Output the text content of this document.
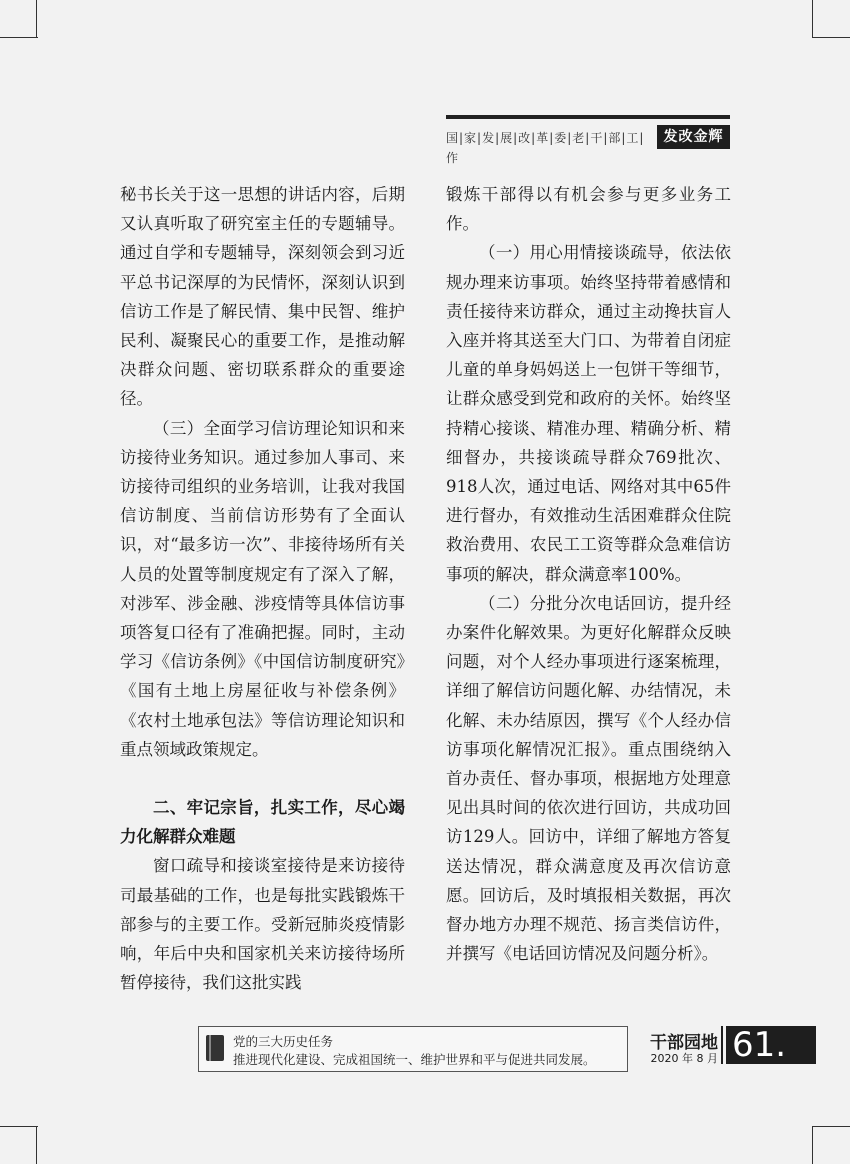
国|家|发|展|改|革|委|老|干|部|工|作
发改金辉

秘书长关于这一思想的讲话内容，后期又认真听取了研究室主任的专题辅导。通过自学和专题辅导，深刻领会到习近平总书记深厚的为民情怀，深刻认识到信访工作是了解民情、集中民智、维护民利、凝聚民心的重要工作，是推动解决群众问题、密切联系群众的重要途径。

（三）全面学习信访理论知识和来访接待业务知识。通过参加人事司、来访接待司组织的业务培训，让我对我国信访制度、当前信访形势有了全面认识，对“最多访一次”、非接待场所有关人员的处置等制度规定有了深入了解，对涉军、涉金融、涉疫情等具体信访事项答复口径有了准确把握。同时，主动学习《信访条例》《中国信访制度研究》《国有土地上房屋征收与补偿条例》《农村土地承包法》等信访理论知识和重点领域政策规定。

二、牢记宗旨，扎实工作，尽心竭力化解群众难题

窗口疏导和接谈室接待是来访接待司最基础的工作，也是每批实践锻炼干部参与的主要工作。受新冠肺炎疫情影响，年后中央和国家机关来访接待场所暂停接待，我们这批实践

锻炼干部得以有机会参与更多业务工作。

（一）用心用情接谈疏导，依法依规办理来访事项。始终坚持带着感情和责任接待来访群众，通过主动搀扶盲人入座并将其送至大门口、为带着自闭症儿童的单身妈妈送上一包饼干等细节，让群众感受到党和政府的关怀。始终坚持精心接谈、精准办理、精确分析、精细督办，共接谈疏导群众769批次、918人次，通过电话、网络对其中65件进行督办，有效推动生活困难群众住院救治费用、农民工工资等群众急难信访事项的解决，群众满意率100%。

（二）分批分次电话回访，提升经办案件化解效果。为更好化解群众反映问题，对个人经办事项进行逐案梳理，详细了解信访问题化解、办结情况，未化解、未办结原因，撰写《个人经办信访事项化解情况汇报》。重点围绕纳入首办责任、督办事项，根据地方处理意见出具时间的依次进行回访，共成功回访129人。回访中，详细了解地方答复送达情况，群众满意度及再次信访意愿。回访后，及时填报相关数据，再次督办地方办理不规范、扬言类信访件，并撰写《电话回访情况及问题分析》。

党的三大历史任务
推进现代化建设、完成祖国统一、维护世界和平与促进共同发展。
干部园地
2020 年 8 月 61.
